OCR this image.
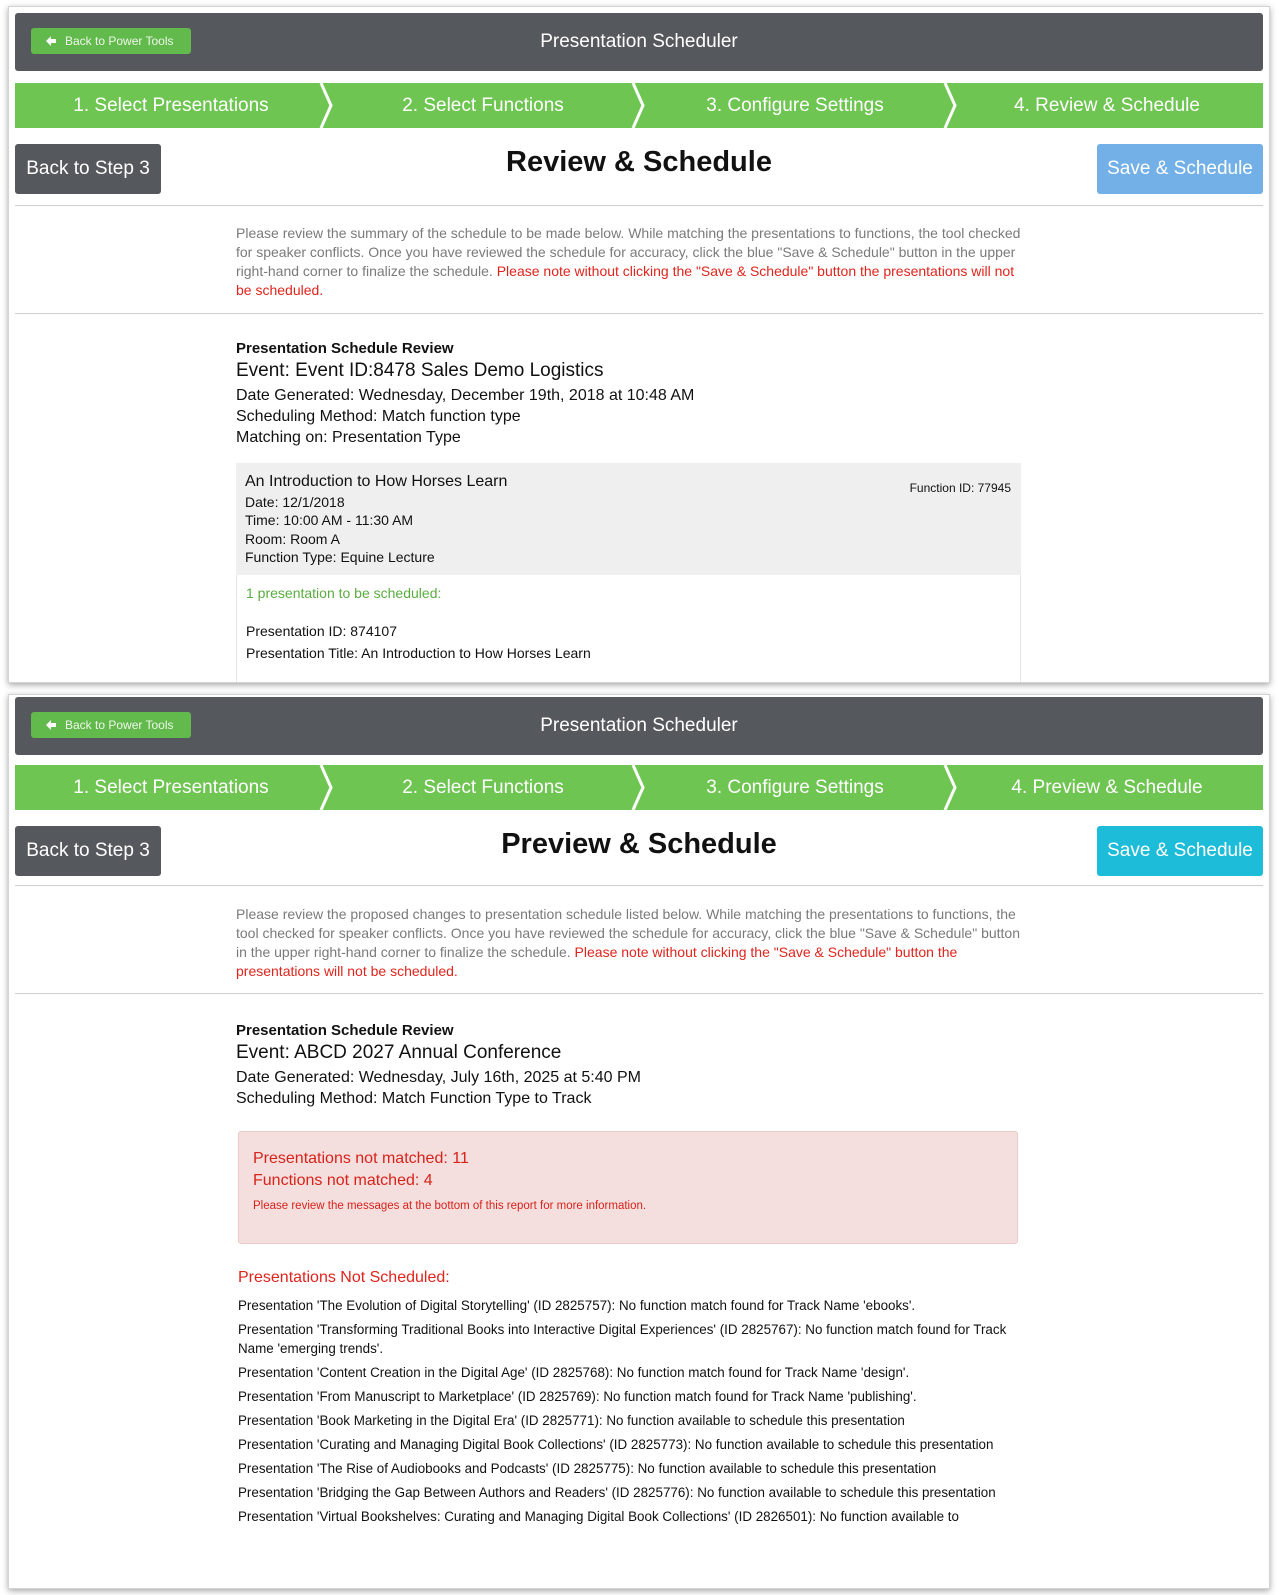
Back to Power Tools	Presentation Scheduler
1. Select Presentations	2. Select Functions	3. Configure Settings	4. Review & Schedule
Back to Step 3	Review & Schedule	Save & Schedule
Please review the summary of the schedule to be made below. While matching the presentations to functions, the tool checked for speaker conflicts. Once you have reviewed the schedule for accuracy, click the blue "Save & Schedule" button in the upper right-hand corner to finalize the schedule. Please note without clicking the "Save & Schedule" button the presentations will not be scheduled.
Presentation Schedule Review
Event: Event ID:8478 Sales Demo Logistics
Date Generated: Wednesday, December 19th, 2018 at 10:48 AM
Scheduling Method: Match function type
Matching on: Presentation Type
An Introduction to How Horses Learn	Function ID: 77945
Date: 12/1/2018
Time: 10:00 AM - 11:30 AM
Room: Room A
Function Type: Equine Lecture
1 presentation to be scheduled:
Presentation ID: 874107
Presentation Title: An Introduction to How Horses Learn
Back to Power Tools	Presentation Scheduler
1. Select Presentations	2. Select Functions	3. Configure Settings	4. Preview & Schedule
Back to Step 3	Preview & Schedule	Save & Schedule
Please review the proposed changes to presentation schedule listed below. While matching the presentations to functions, the tool checked for speaker conflicts. Once you have reviewed the schedule for accuracy, click the blue "Save & Schedule" button in the upper right-hand corner to finalize the schedule. Please note without clicking the "Save & Schedule" button the presentations will not be scheduled.
Presentation Schedule Review
Event: ABCD 2027 Annual Conference
Date Generated: Wednesday, July 16th, 2025 at 5:40 PM
Scheduling Method: Match Function Type to Track
Presentations not matched: 11
Functions not matched: 4
Please review the messages at the bottom of this report for more information.
Presentations Not Scheduled:
Presentation 'The Evolution of Digital Storytelling' (ID 2825757): No function match found for Track Name 'ebooks'.
Presentation 'Transforming Traditional Books into Interactive Digital Experiences' (ID 2825767): No function match found for Track Name 'emerging trends'.
Presentation 'Content Creation in the Digital Age' (ID 2825768): No function match found for Track Name 'design'.
Presentation 'From Manuscript to Marketplace' (ID 2825769): No function match found for Track Name 'publishing'.
Presentation 'Book Marketing in the Digital Era' (ID 2825771): No function available to schedule this presentation
Presentation 'Curating and Managing Digital Book Collections' (ID 2825773): No function available to schedule this presentation
Presentation 'The Rise of Audiobooks and Podcasts' (ID 2825775): No function available to schedule this presentation
Presentation 'Bridging the Gap Between Authors and Readers' (ID 2825776): No function available to schedule this presentation
Presentation 'Virtual Bookshelves: Curating and Managing Digital Book Collections' (ID 2826501): No function available to
